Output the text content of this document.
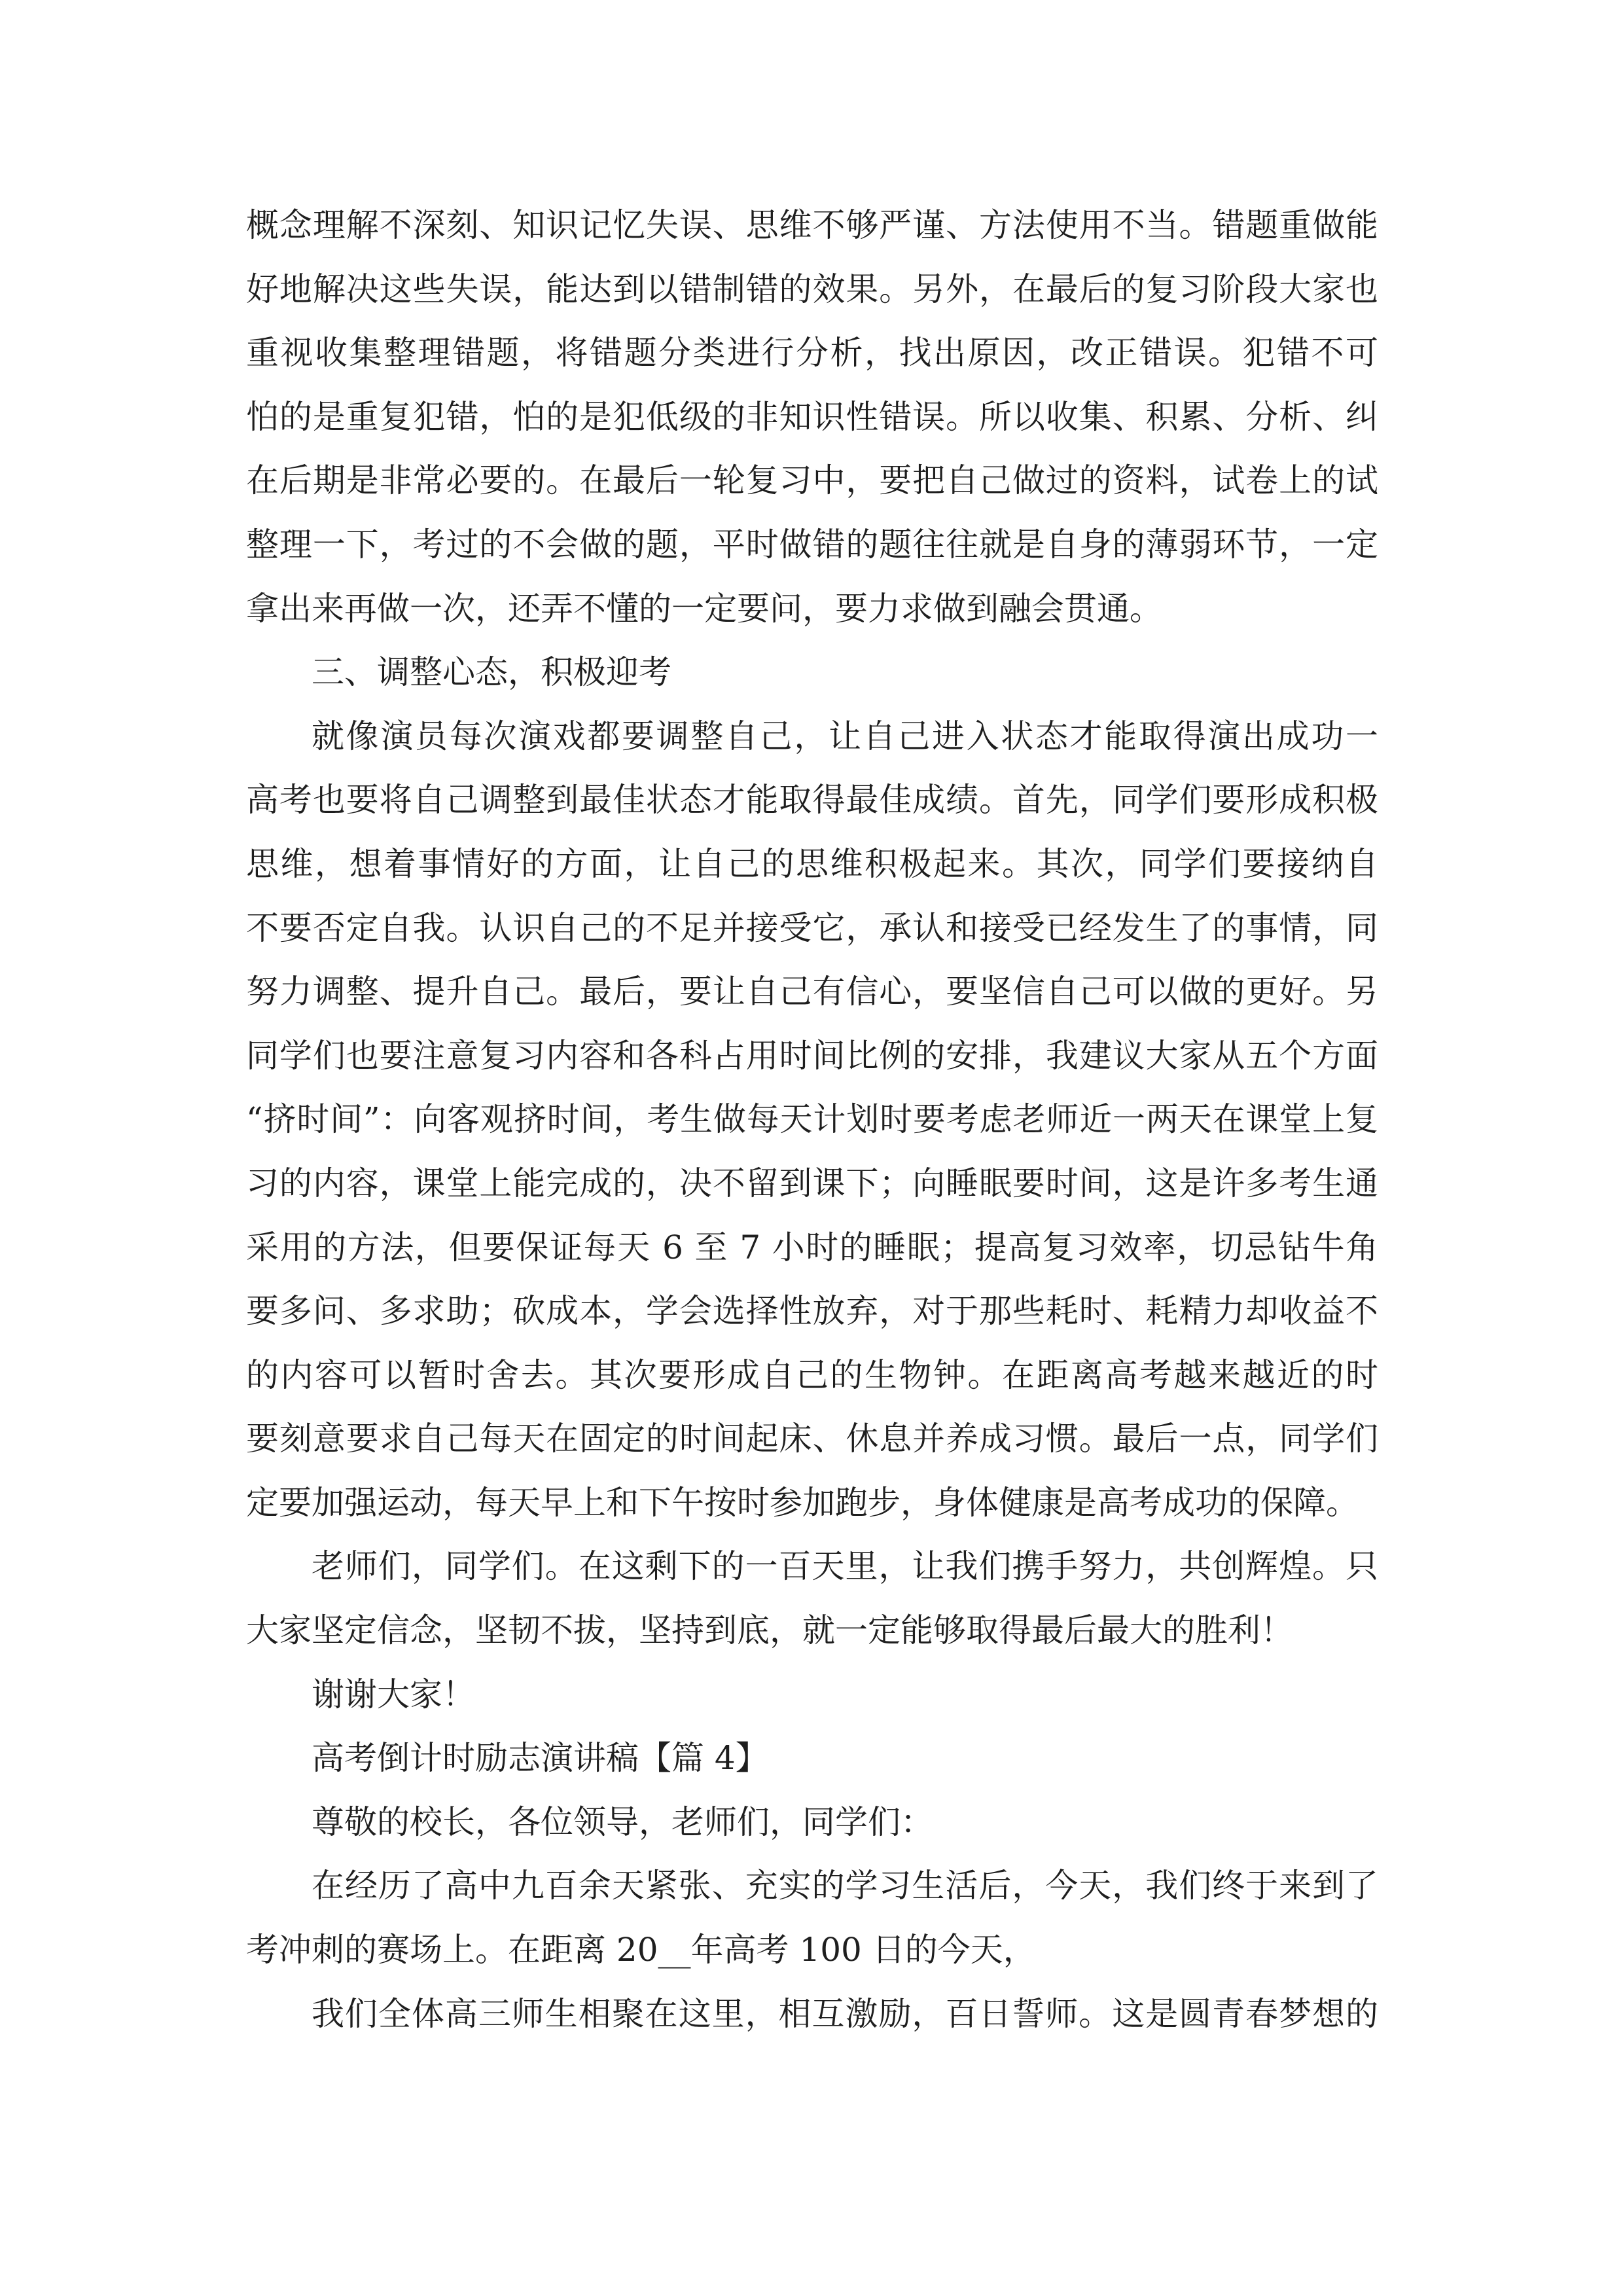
概念理解不深刻、知识记忆失误、思维不够严谨、方法使用不当。错题重做能
好地解决这些失误，能达到以错制错的效果。另外，在最后的复习阶段大家也
重视收集整理错题，将错题分类进行分析，找出原因，改正错误。犯错不可
怕的是重复犯错，怕的是犯低级的非知识性错误。所以收集、积累、分析、纠
在后期是非常必要的。在最后一轮复习中，要把自己做过的资料，试卷上的试
整理一下，考过的不会做的题，平时做错的题往往就是自身的薄弱环节，一定
拿出来再做一次，还弄不懂的一定要问，要力求做到融会贯通。
三、调整心态，积极迎考
就像演员每次演戏都要调整自己，让自己进入状态才能取得演出成功一
高考也要将自己调整到最佳状态才能取得最佳成绩。首先，同学们要形成积极
思维，想着事情好的方面，让自己的思维积极起来。其次，同学们要接纳自
不要否定自我。认识自己的不足并接受它，承认和接受已经发生了的事情，同
努力调整、提升自己。最后，要让自己有信心，要坚信自己可以做的更好。另
同学们也要注意复习内容和各科占用时间比例的安排，我建议大家从五个方面
“挤时间”：向客观挤时间，考生做每天计划时要考虑老师近一两天在课堂上复
习的内容，课堂上能完成的，决不留到课下；向睡眠要时间，这是许多考生通
采用的方法，但要保证每天 6 至 7 小时的睡眠；提高复习效率，切忌钻牛角
要多问、多求助；砍成本，学会选择性放弃，对于那些耗时、耗精力却收益不
的内容可以暂时舍去。其次要形成自己的生物钟。在距离高考越来越近的时
要刻意要求自己每天在固定的时间起床、休息并养成习惯。最后一点，同学们
定要加强运动，每天早上和下午按时参加跑步，身体健康是高考成功的保障。
老师们，同学们。在这剩下的一百天里，让我们携手努力，共创辉煌。只
大家坚定信念，坚韧不拔，坚持到底，就一定能够取得最后最大的胜利！
谢谢大家！
高考倒计时励志演讲稿【篇 4】
尊敬的校长，各位领导，老师们，同学们：
在经历了高中九百余天紧张、充实的学习生活后，今天，我们终于来到了
考冲刺的赛场上。在距离 20__年高考 100 日的今天，
我们全体高三师生相聚在这里，相互激励，百日誓师。这是圆青春梦想的
